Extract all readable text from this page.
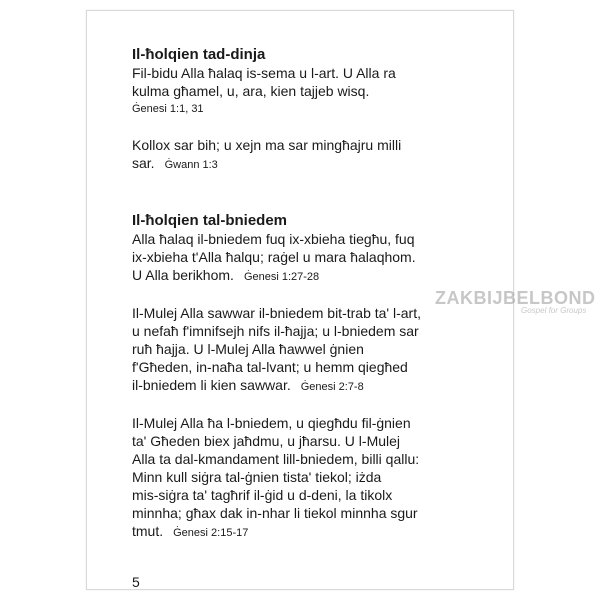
Il-ħolqien tad-dinja

Fil-bidu Alla ħalaq is-sema u l-art. U Alla ra
kulma għamel, u, ara, kien tajjeb wisq.

Ġenesi 1:1, 31

Kollox sar bih; u xejn ma sar mingħajru milli
sar. Ġwann 1:3

Il-ħolqien tal-bniedem

Alla ħalaq il-bniedem fuq ix-xbieha tiegħu, fuq
ix-xbieha t'Alla ħalqu; raġel u mara ħalaqhom.
U Alla berikhom. Ġenesi 1:27-28

Il-Mulej Alla sawwar il-bniedem bit-trab ta' l-art,
u nefaħ f'imnifsejh nifs il-ħajja; u l-bniedem sar
ruħ ħajja. U l-Mulej Alla ħawwel ġnien
f'Għeden, in-naħa tal-lvant; u hemm qiegħed
il-bniedem li kien sawwar. Ġenesi 2:7-8

Il-Mulej Alla ħa l-bniedem, u qiegħdu fil-ġnien
ta' Għeden biex jaħdmu, u jħarsu. U l-Mulej
Alla ta dal-kmandament lill-bniedem, billi qallu:
Minn kull siġra tal-ġnien tista' tiekol; iżda
mis-siġra ta' tagħrif il-ġid u d-deni, la tikolx
minnha; għax dak in-nhar li tiekol minnha sgur
tmut. Ġenesi 2:15-17

ZAKBIJBELBOND
Gospel for Groups
5
